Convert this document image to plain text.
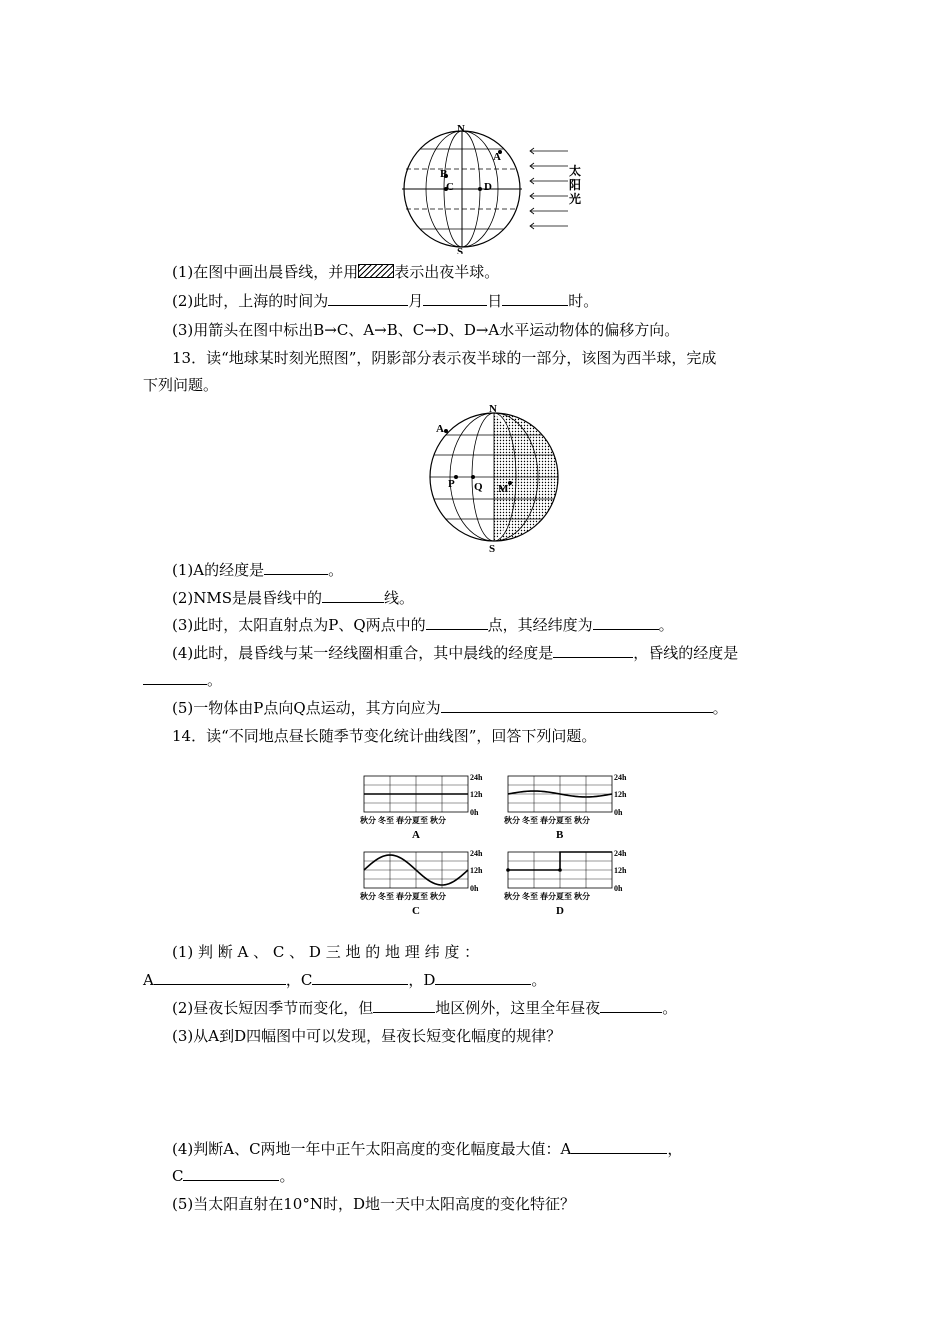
N
S
A
B
C	D
太阳光
(1)在图中画出晨昏线，并用 表示出夜半球。
(2)此时，上海的时间为	月	日	时。
(3)用箭头在图中标出B→C、A→B、C→D、D→A水平运动物体的偏移方向。
13．读“地球某时刻光照图”，阴影部分表示夜半球的一部分，该图为西半球，完成
下列问题。
N
S
A
P Q M
(1)A的经度是	。
(2)NMS是晨昏线中的	线。
(3)此时，太阳直射点为P、Q两点中的	点，其经纬度为	。
(4)此时，晨昏线与某一经线圈相重合，其中晨线的经度是	，昏线的经度是
。
(5)一物体由P点向Q点运动，其方向应为	。
14．读“不同地点昼长随季节变化统计曲线图”，回答下列问题。
24h
12h
0h
秋分 冬至 春分夏至 秋分
A
24h
12h
0h
秋分 冬至 春分夏至 秋分
B
24h
12h
0h
秋分 冬至 春分夏至 秋分
C
24h
12h
0h
秋分 冬至 春分夏至 秋分
D
(1) 判 断 A 、 C 、 D 三 地 的 地 理 纬 度 ：
A	，C	，D	。
(2)昼夜长短因季节而变化，但	地区例外，这里全年昼夜	。
(3)从A到D四幅图中可以发现，昼夜长短变化幅度的规律？
(4)判断A、C两地一年中正午太阳高度的变化幅度最大值：A	，
C	。
(5)当太阳直射在10°N时，D地一天中太阳高度的变化特征？
